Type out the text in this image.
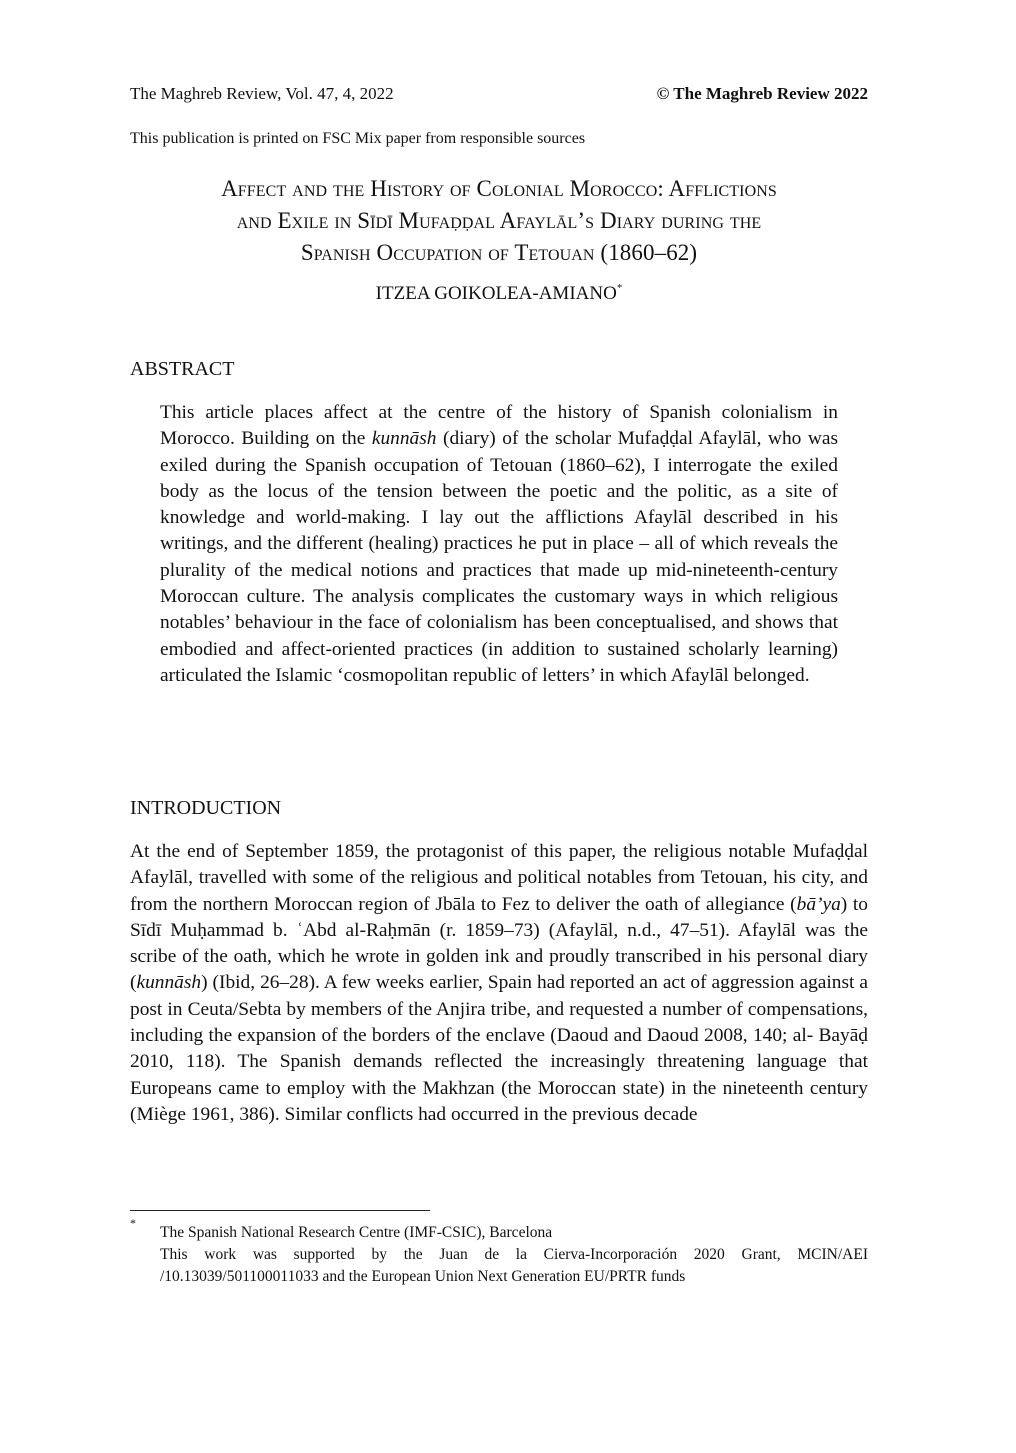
The Maghreb Review, Vol. 47, 4, 2022	© The Maghreb Review 2022
This publication is printed on FSC Mix paper from responsible sources
Affect and the History of Colonial Morocco: Afflictions
and Exile in Sīdī Mufaḍḍal Afaylāl’s Diary during the
Spanish Occupation of Tetouan (1860–62)
ITZEA GOIKOLEA-AMIANO*
ABSTRACT
This article places affect at the centre of the history of Spanish colonialism in Morocco. Building on the kunnāsh (diary) of the scholar Mufaḍḍal Afaylāl, who was exiled during the Spanish occupation of Tetouan (1860–62), I interrogate the exiled body as the locus of the tension between the poetic and the politic, as a site of knowledge and world-making. I lay out the afflictions Afaylāl described in his writings, and the different (healing) practices he put in place – all of which reveals the plurality of the medical notions and practices that made up mid-nineteenth-century Moroccan culture. The analysis complicates the customary ways in which religious notables’ behaviour in the face of colonialism has been conceptualised, and shows that embodied and affect-oriented practices (in addition to sustained scholarly learning) articulated the Islamic ‘cosmopolitan republic of letters’ in which Afaylāl belonged.
INTRODUCTION
At the end of September 1859, the protagonist of this paper, the religious notable Mufaḍḍal Afaylāl, travelled with some of the religious and political notables from Tetouan, his city, and from the northern Moroccan region of Jbāla to Fez to deliver the oath of allegiance (bāʼya) to Sīdī Muḥammad b. ʿAbd al-Raḥmān (r. 1859–73) (Afaylāl, n.d., 47–51). Afaylāl was the scribe of the oath, which he wrote in golden ink and proudly transcribed in his personal diary (kunnāsh) (Ibid, 26–28). A few weeks earlier, Spain had reported an act of aggression against a post in Ceuta/Sebta by members of the Anjira tribe, and requested a number of compensations, including the expansion of the borders of the enclave (Daoud and Daoud 2008, 140; al- Bayāḍ 2010, 118). The Spanish demands reflected the increasingly threatening language that Europeans came to employ with the Makhzan (the Moroccan state) in the nineteenth century (Miège 1961, 386). Similar conflicts had occurred in the previous decade
*
The Spanish National Research Centre (IMF-CSIC), Barcelona
This work was supported by the Juan de la Cierva-Incorporación 2020 Grant, MCIN/AEI
/10.13039/501100011033 and the European Union Next Generation EU/PRTR funds
